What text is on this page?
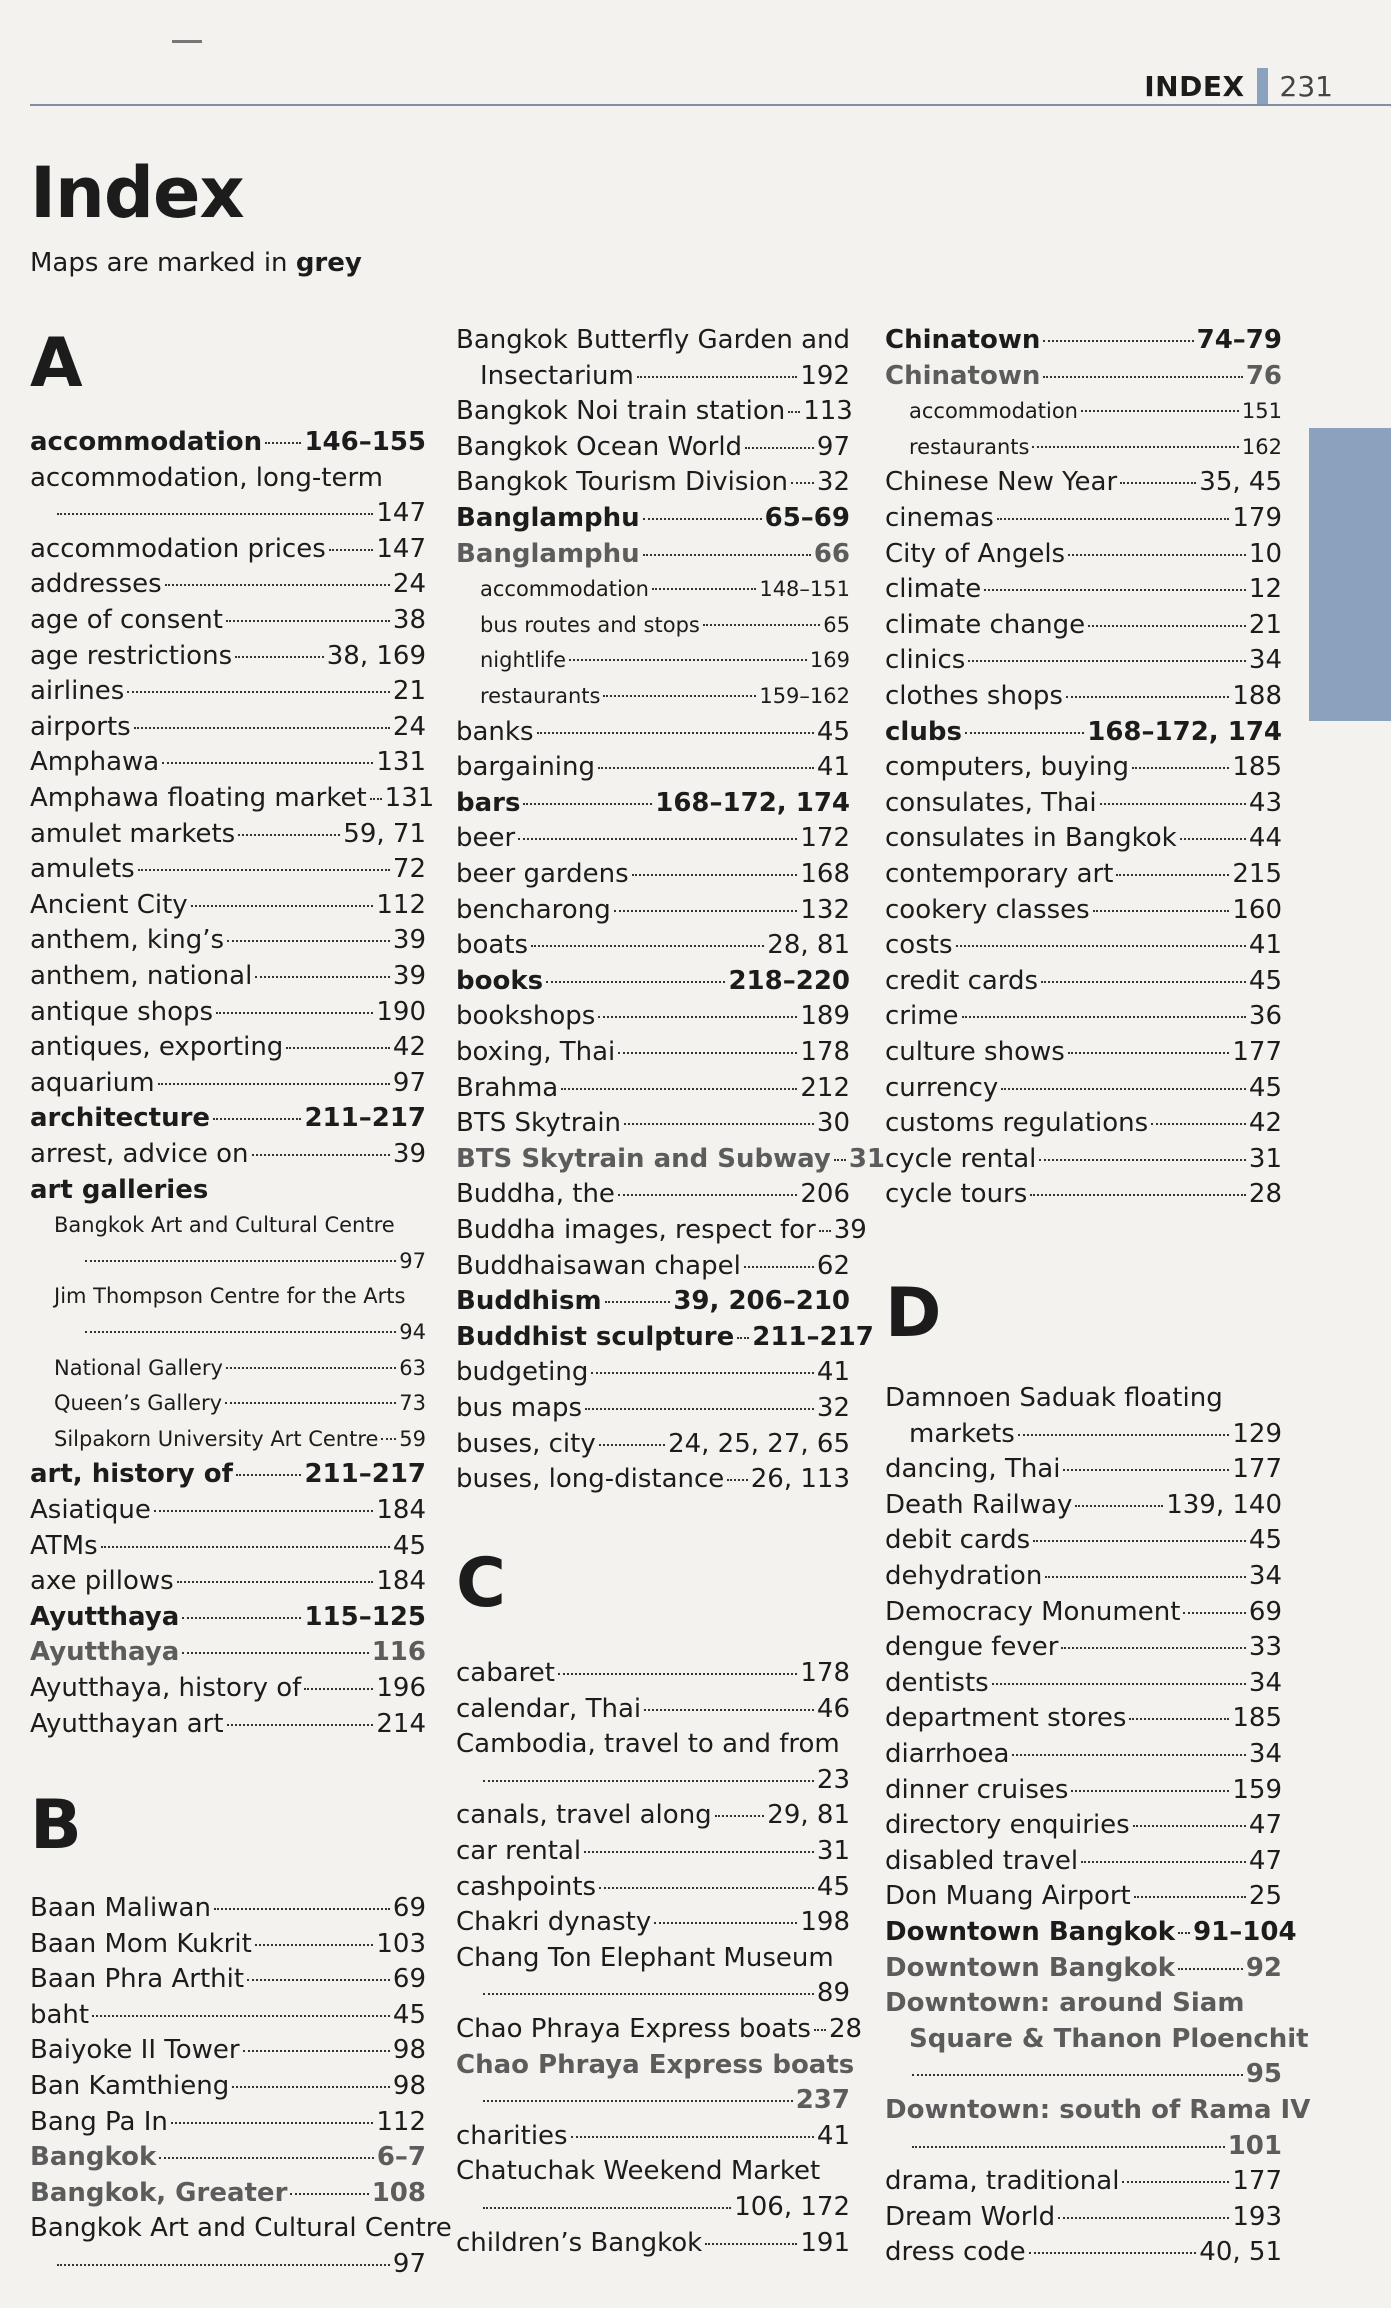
INDEX 231
Index
Maps are marked in grey
A
B
C
D
accommodation 146–155
accommodation, long-term
147
accommodation prices 147
addresses	24
age of consent	38
age restrictions	38, 169
airlines	21
airports	24
Amphawa	131
Amphawa floating market 131
amulet markets	59, 71
amulets	72
Ancient City	112
anthem, king’s	39
anthem, national	39
antique shops	190
antiques, exporting	42
aquarium	97
architecture	211–217
arrest, advice on	39
art galleries
Bangkok Art and Cultural Centre
97
Jim Thompson Centre for the Arts
94
National Gallery	63
Queen’s Gallery	73
Silpakorn University Art Centre 59
art, history of	211–217
Asiatique	184
ATMs	45
axe pillows	184
Ayutthaya	115–125
Ayutthaya	116
Ayutthaya, history of	196
Ayutthayan art	214
Baan Maliwan	69
Baan Mom Kukrit	103
Baan Phra Arthit	69
baht	45
Baiyoke II Tower	98
Ban Kamthieng	98
Bang Pa In	112
Bangkok	6–7
Bangkok, Greater	108
Bangkok Art and Cultural Centre
97
Bangkok Butterfly Garden and
Insectarium	192
Bangkok Noi train station 113
Bangkok Ocean World	97
Bangkok Tourism Division 32
Banglamphu	65–69
Banglamphu	66
accommodation	148–151
bus routes and stops	65
nightlife	169
restaurants	159–162
banks	45
bargaining	41
bars	168–172, 174
beer	172
beer gardens	168
bencharong	132
boats	28, 81
books	218–220
bookshops	189
boxing, Thai	178
Brahma	212
BTS Skytrain	30
BTS Skytrain and Subway 31
Buddha, the	206
Buddha images, respect for 39
Buddhaisawan chapel	62
Buddhism	39, 206–210
Buddhist sculpture 211–217
budgeting	41
bus maps	32
buses, city	24, 25, 27, 65
buses, long-distance 26, 113
cabaret	178
calendar, Thai	46
Cambodia, travel to and from
23
canals, travel along 29, 81
car rental	31
cashpoints	45
Chakri dynasty	198
Chang Ton Elephant Museum
89
Chao Phraya Express boats 28
Chao Phraya Express boats
237
charities	41
Chatuchak Weekend Market
106, 172
children’s Bangkok	191
Chinatown	74–79
Chinatown	76
accommodation	151
restaurants	162
Chinese New Year	35, 45
cinemas	179
City of Angels	10
climate	12
climate change	21
clinics	34
clothes shops	188
clubs	168–172, 174
computers, buying	185
consulates, Thai	43
consulates in Bangkok	44
contemporary art	215
cookery classes	160
costs	41
credit cards	45
crime	36
culture shows	177
currency	45
customs regulations	42
cycle rental	31
cycle tours	28
Damnoen Saduak floating
markets	129
dancing, Thai	177
Death Railway	139, 140
debit cards	45
dehydration	34
Democracy Monument	69
dengue fever	33
dentists	34
department stores	185
diarrhoea	34
dinner cruises	159
directory enquiries	47
disabled travel	47
Don Muang Airport	25
Downtown Bangkok 91–104
Downtown Bangkok	92
Downtown: around Siam
Square & Thanon Ploenchit
95
Downtown: south of Rama IV
101
drama, traditional	177
Dream World	193
dress code	40, 51
